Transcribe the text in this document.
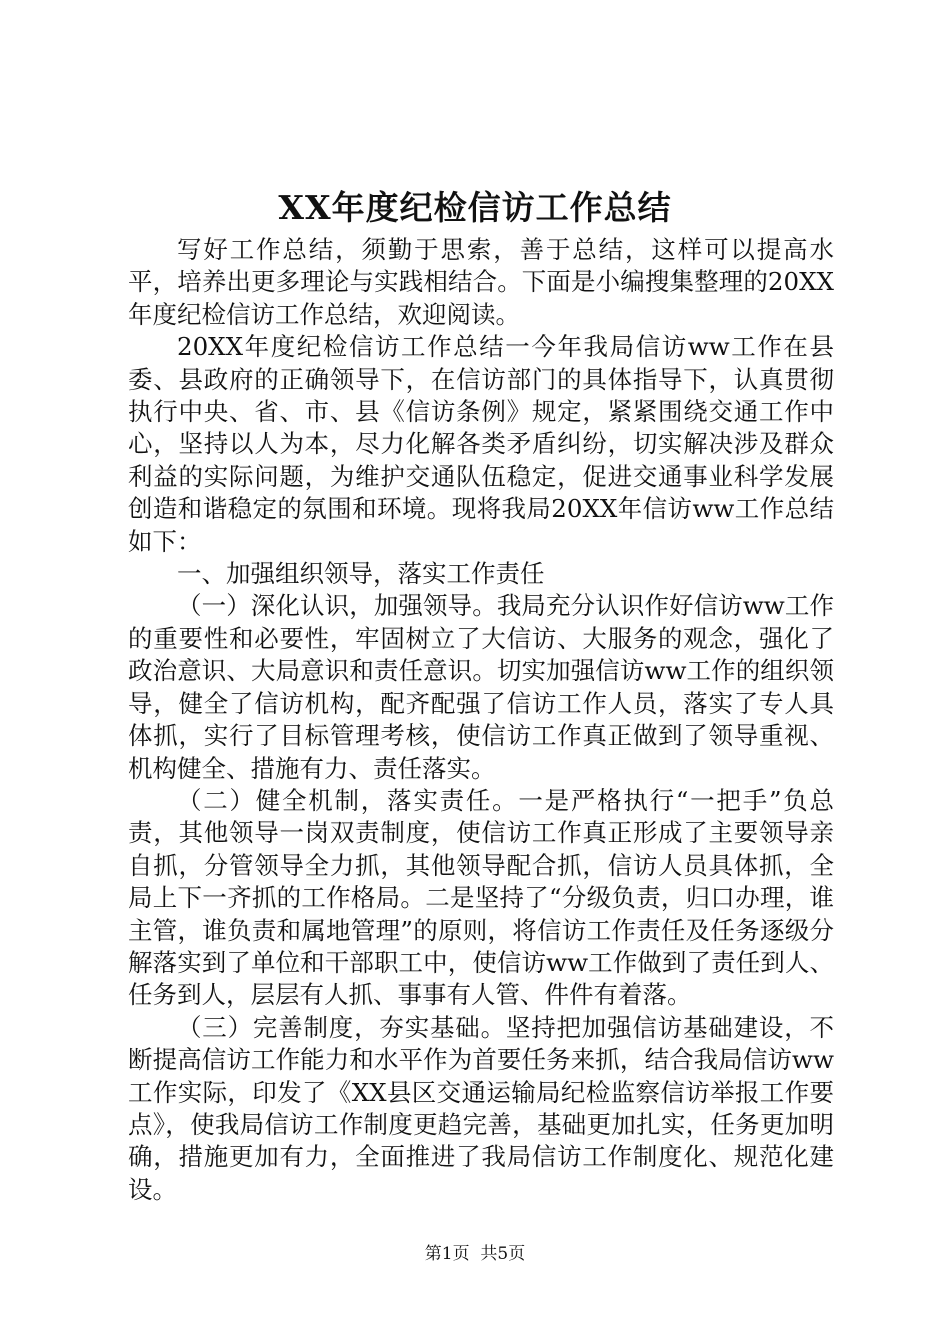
XX年度纪检信访工作总结

写好工作总结，须勤于思索，善于总结，这样可以提高水平，培养出更多理论与实践相结合。下面是小编搜集整理的20XX年度纪检信访工作总结，欢迎阅读。

20XX年度纪检信访工作总结一今年我局信访ww工作在县委、县政府的正确领导下，在信访部门的具体指导下，认真贯彻执行中央、省、市、县《信访条例》规定，紧紧围绕交通工作中心，坚持以人为本，尽力化解各类矛盾纠纷，切实解决涉及群众利益的实际问题，为维护交通队伍稳定，促进交通事业科学发展创造和谐稳定的氛围和环境。现将我局20XX年信访ww工作总结如下：

一、加强组织领导，落实工作责任

（一）深化认识，加强领导。我局充分认识作好信访ww工作的重要性和必要性，牢固树立了大信访、大服务的观念，强化了政治意识、大局意识和责任意识。切实加强信访ww工作的组织领导，健全了信访机构，配齐配强了信访工作人员，落实了专人具体抓，实行了目标管理考核，使信访工作真正做到了领导重视、机构健全、措施有力、责任落实。

（二）健全机制，落实责任。一是严格执行“一把手”负总责，其他领导一岗双责制度，使信访工作真正形成了主要领导亲自抓，分管领导全力抓，其他领导配合抓，信访人员具体抓，全局上下一齐抓的工作格局。二是坚持了“分级负责，归口办理，谁主管，谁负责和属地管理”的原则，将信访工作责任及任务逐级分解落实到了单位和干部职工中，使信访ww工作做到了责任到人、任务到人，层层有人抓、事事有人管、件件有着落。

（三）完善制度，夯实基础。坚持把加强信访基础建设，不断提高信访工作能力和水平作为首要任务来抓，结合我局信访ww工作实际，印发了《XX县区交通运输局纪检监察信访举报工作要点》，使我局信访工作制度更趋完善，基础更加扎实，任务更加明确，措施更加有力，全面推进了我局信访工作制度化、规范化建设。

第1页  共5页
